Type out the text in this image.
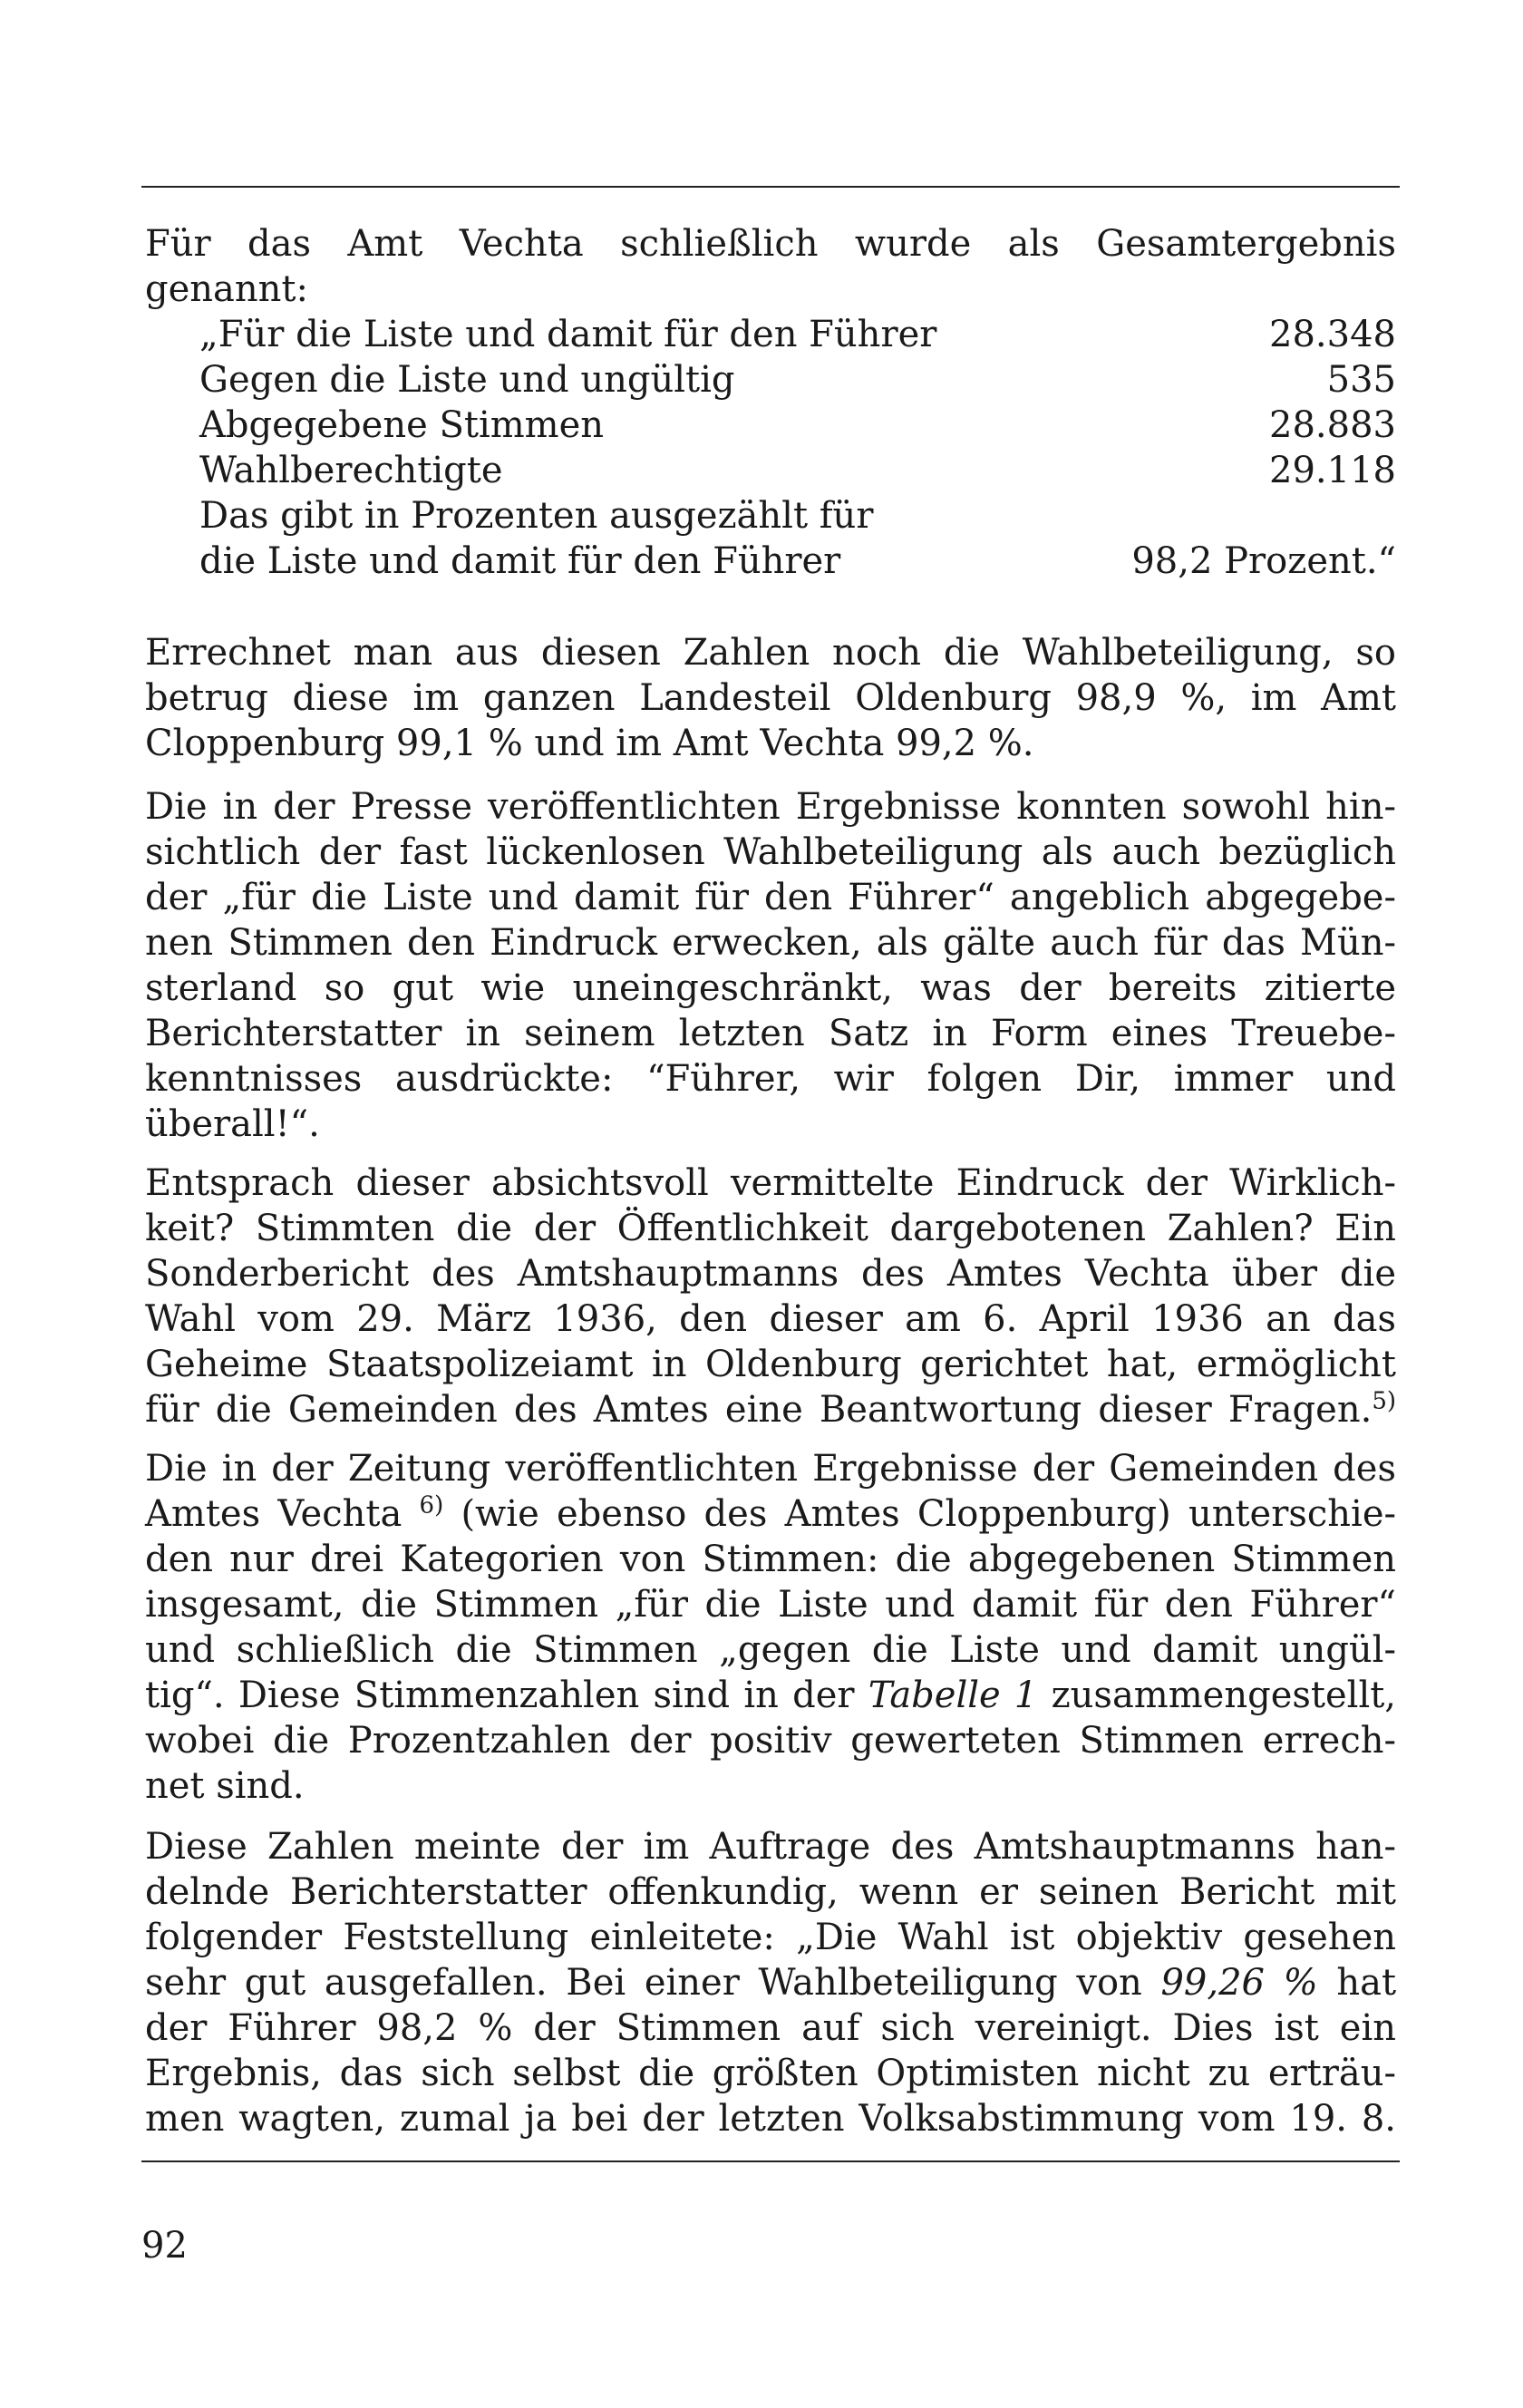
Für das Amt Vechta schließlich wurde als Gesamtergebnis
genannt:
„Für die Liste und damit für den Führer	28.348
Gegen die Liste und ungültig	535
Abgegebene Stimmen	28.883
Wahlberechtigte	29.118
Das gibt in Prozenten ausgezählt für
die Liste und damit für den Führer	98,2 Prozent.“
Errechnet man aus diesen Zahlen noch die Wahlbeteiligung, so
betrug diese im ganzen Landesteil Oldenburg 98,9 %, im Amt
Cloppenburg 99,1 % und im Amt Vechta 99,2 %.
Die in der Presse veröffentlichten Ergebnisse konnten sowohl hin-
sichtlich der fast lückenlosen Wahlbeteiligung als auch bezüglich
der „für die Liste und damit für den Führer“ angeblich abgegebe-
nen Stimmen den Eindruck erwecken, als gälte auch für das Mün-
sterland so gut wie uneingeschränkt, was der bereits zitierte
Berichterstatter in seinem letzten Satz in Form eines Treuebe-
kenntnisses ausdrückte: “Führer, wir folgen Dir, immer und
überall!“.
Entsprach dieser absichtsvoll vermittelte Eindruck der Wirklich-
keit? Stimmten die der Öffentlichkeit dargebotenen Zahlen? Ein
Sonderbericht des Amtshauptmanns des Amtes Vechta über die
Wahl vom 29. März 1936, den dieser am 6. April 1936 an das
Geheime Staatspolizeiamt in Oldenburg gerichtet hat, ermöglicht
für die Gemeinden des Amtes eine Beantwortung dieser Fragen.$^{5)}$
Die in der Zeitung veröffentlichten Ergebnisse der Gemeinden des
Amtes Vechta $^{6)}$ (wie ebenso des Amtes Cloppenburg) unterschie-
den nur drei Kategorien von Stimmen: die abgegebenen Stimmen
insgesamt, die Stimmen „für die Liste und damit für den Führer“
und schließlich die Stimmen „gegen die Liste und damit ungül-
tig“. Diese Stimmenzahlen sind in der Tabelle 1 zusammengestellt,
wobei die Prozentzahlen der positiv gewerteten Stimmen errech-
net sind.
Diese Zahlen meinte der im Auftrage des Amtshauptmanns han-
delnde Berichterstatter offenkundig, wenn er seinen Bericht mit
folgender Feststellung einleitete: „Die Wahl ist objektiv gesehen
sehr gut ausgefallen. Bei einer Wahlbeteiligung von 99,26 % hat
der Führer 98,2 % der Stimmen auf sich vereinigt. Dies ist ein
Ergebnis, das sich selbst die größten Optimisten nicht zu erträu-
men wagten, zumal ja bei der letzten Volksabstimmung vom 19. 8.
92
